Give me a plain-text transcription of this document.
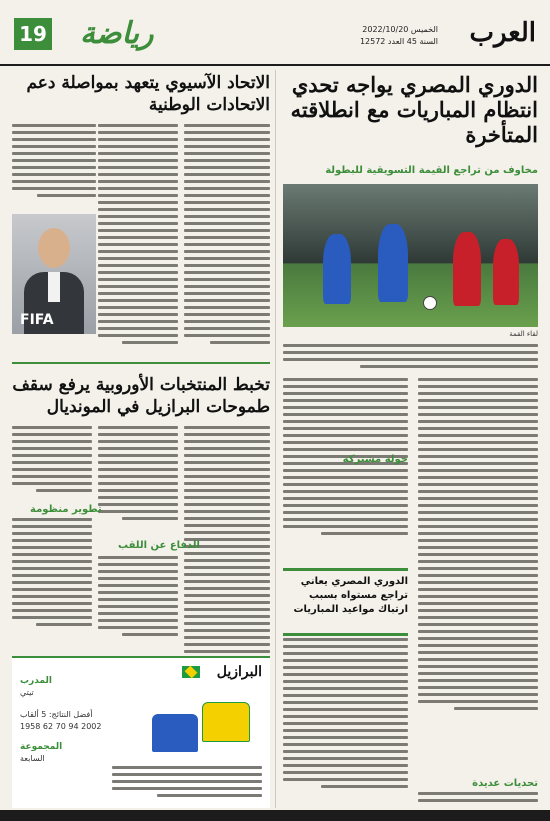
العرب
الخميس 2022/10/20
السنة 45 العدد 12572
رياضة
19
الدوري المصري يواجه تحدي انتظام المباريات مع انطلاقته المتأخرة
مخاوف من تراجع القيمة التسويقية للبطولة
لقاء القمة
تحديات عديدة
جولة مشتركة
الدوري المصري يعاني تراجع مستواه بسبب ارتباك مواعيد المباريات
الاتحاد الآسيوي يتعهد بمواصلة دعم الاتحادات الوطنية
FIFA
تخبط المنتخبات الأوروبية يرفع سقف طموحات البرازيل في المونديال
الدفاع عن اللقب
تطوير منظومة
البرازيل
المدرب
تيتي
أفضل النتائج: 5 ألقاب
2002 94 70 62 1958
المجموعة
السابعة
